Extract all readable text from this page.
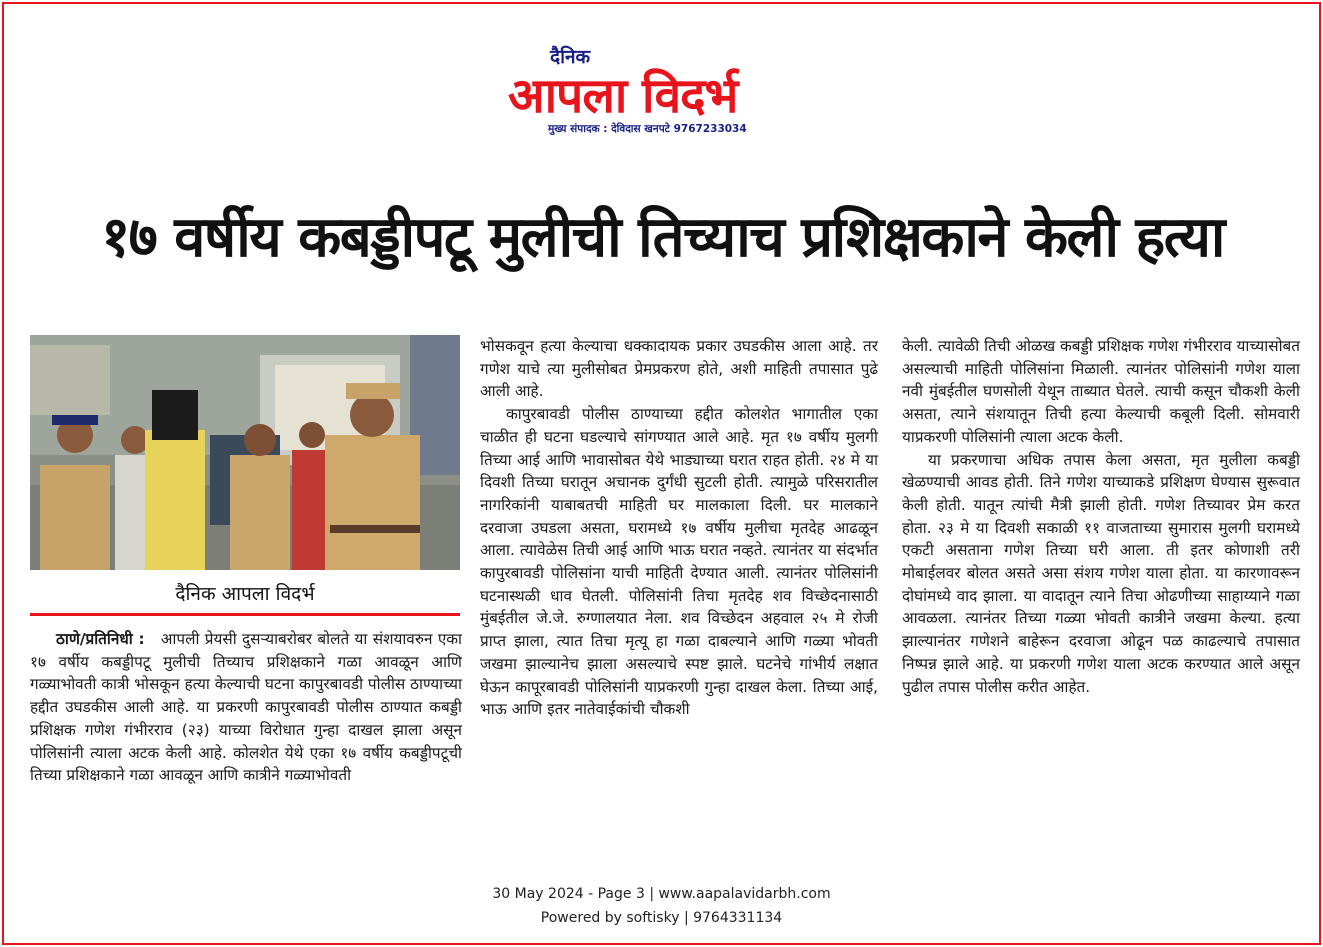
दैनिक
आपला विदर्भ
मुख्य संपादक : देविदास खनपटे 9767233034
१७ वर्षीय कबड्डीपटू मुलीची तिच्याच प्रशिक्षकाने केली हत्या
दैनिक आपला विदर्भ

ठाणे/प्रतिनिधी : आपली प्रेयसी दुसऱ्याबरोबर बोलते या संशयावरुन एका १७ वर्षीय कबड्डीपटू मुलीची तिच्याच प्रशिक्षकाने गळा आवळून आणि गळ्याभोवती कात्री भोसकून हत्या केल्याची घटना कापुरबावडी पोलीस ठाण्याच्या हद्दीत उघडकीस आली आहे. या प्रकरणी कापुरबावडी पोलीस ठाण्यात कबड्डी प्रशिक्षक गणेश गंभीरराव (२३) याच्या विरोधात गुन्हा दाखल झाला असून पोलिसांनी त्याला अटक केली आहे. कोलशेत येथे एका १७ वर्षीय कबड्डीपटूची तिच्या प्रशिक्षकाने गळा आवळून आणि कात्रीने गळ्याभोवती

भोसकवून हत्या केल्याचा धक्कादायक प्रकार उघडकीस आला आहे. तर गणेश याचे त्या मुलीसोबत प्रेमप्रकरण होते, अशी माहिती तपासात पुढे आली आहे.

कापुरबावडी पोलीस ठाण्याच्या हद्दीत कोलशेत भागातील एका चाळीत ही घटना घडल्याचे सांगण्यात आले आहे. मृत १७ वर्षीय मुलगी तिच्या आई आणि भावासोबत येथे भाड्याच्या घरात राहत होती. २४ मे या दिवशी तिच्या घरातून अचानक दुर्गंधी सुटली होती. त्यामुळे परिसरातील नागरिकांनी याबाबतची माहिती घर मालकाला दिली. घर मालकाने दरवाजा उघडला असता, घरामध्ये १७ वर्षीय मुलीचा मृतदेह आढळून आला. त्यावेळेस तिची आई आणि भाऊ घरात नव्हते. त्यानंतर या संदर्भात कापुरबावडी पोलिसांना याची माहिती देण्यात आली. त्यानंतर पोलिसांनी घटनास्थळी धाव घेतली. पोलिसांनी तिचा मृतदेह शव विच्छेदनासाठी मुंबईतील जे.जे. रुग्णालयात नेला. शव विच्छेदन अहवाल २५ मे रोजी प्राप्त झाला, त्यात तिचा मृत्यू हा गळा दाबल्याने आणि गळ्या भोवती जखमा झाल्यानेच झाला असल्याचे स्पष्ट झाले. घटनेचे गांभीर्य लक्षात घेऊन कापूरबावडी पोलिसांनी याप्रकरणी गुन्हा दाखल केला. तिच्या आई, भाऊ आणि इतर नातेवाईकांची चौकशी

केली. त्यावेळी तिची ओळख कबड्डी प्रशिक्षक गणेश गंभीरराव याच्यासोबत असल्याची माहिती पोलिसांना मिळाली. त्यानंतर पोलिसांनी गणेश याला नवी मुंबईतील घणसोली येथून ताब्यात घेतले. त्याची कसून चौकशी केली असता, त्याने संशयातून तिची हत्या केल्याची कबूली दिली. सोमवारी याप्रकरणी पोलिसांनी त्याला अटक केली.

या प्रकरणाचा अधिक तपास केला असता, मृत मुलीला कबड्डी खेळण्याची आवड होती. तिने गणेश याच्याकडे प्रशिक्षण घेण्यास सुरूवात केली होती. यातून त्यांची मैत्री झाली होती. गणेश तिच्यावर प्रेम करत होता. २३ मे या दिवशी सकाळी ११ वाजताच्या सुमारास मुलगी घरामध्ये एकटी असताना गणेश तिच्या घरी आला. ती इतर कोणाशी तरी मोबाईलवर बोलत असते असा संशय गणेश याला होता. या कारणावरून दोघांमध्ये वाद झाला. या वादातून त्याने तिचा ओढणीच्या साहाय्याने गळा आवळला. त्यानंतर तिच्या गळ्या भोवती कात्रीने जखमा केल्या. हत्या झाल्यानंतर गणेशने बाहेरून दरवाजा ओढून पळ काढल्याचे तपासात निष्पन्न झाले आहे. या प्रकरणी गणेश याला अटक करण्यात आले असून पुढील तपास पोलीस करीत आहेत.

30 May 2024 - Page 3 | www.aapalavidarbh.com
Powered by softisky | 9764331134
